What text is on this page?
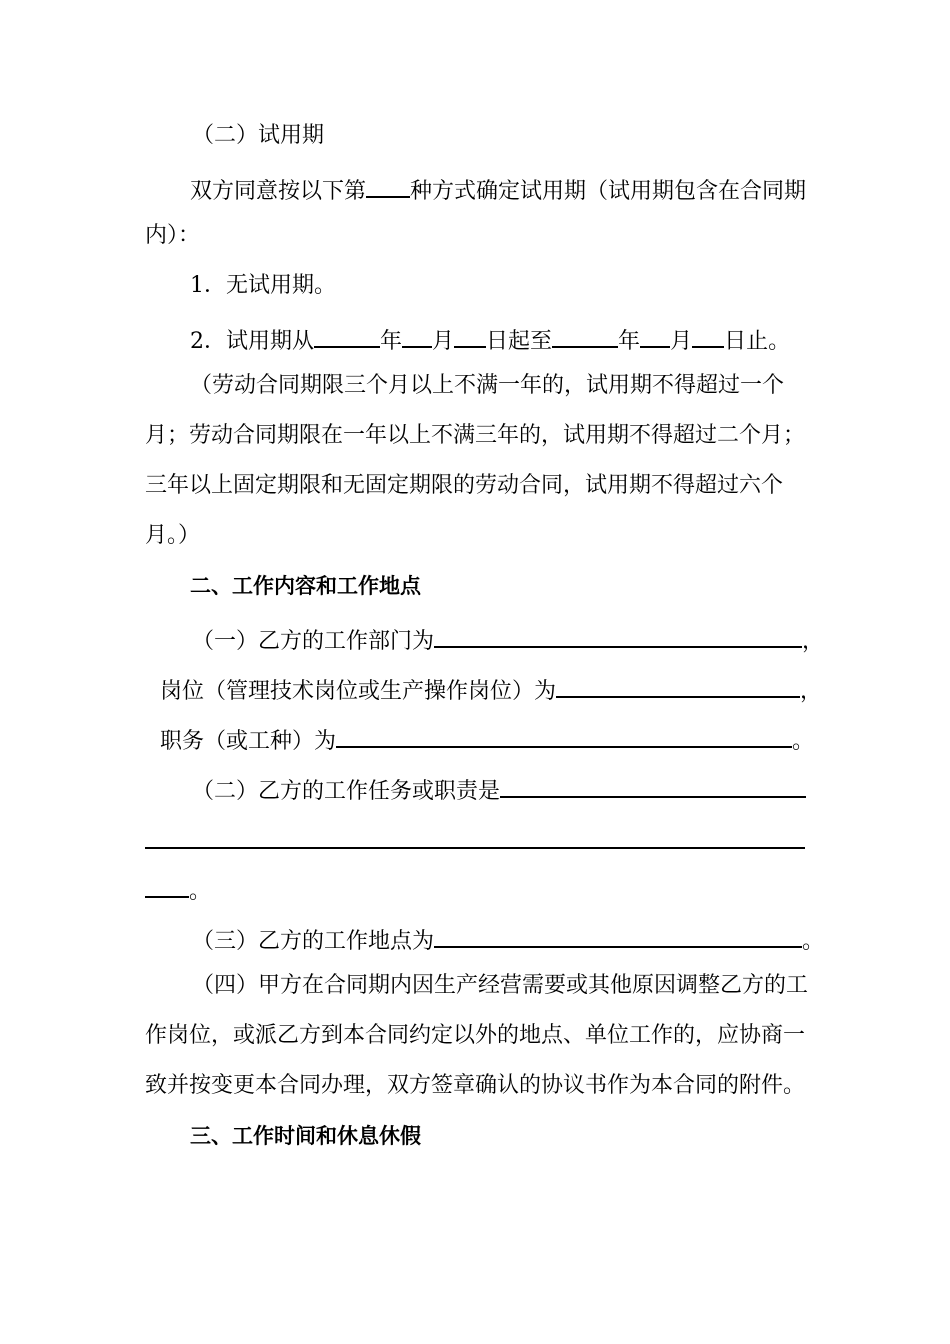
（二）试用期
双方同意按以下第 种方式确定试用期（试用期包含在合同期
内）：
1．无试用期。
2．试用期从	年 月 日起至	年 月 日止。
（劳动合同期限三个月以上不满一年的，试用期不得超过一个
月；劳动合同期限在一年以上不满三年的，试用期不得超过二个月；
三年以上固定期限和无固定期限的劳动合同，试用期不得超过六个
月。）
二、工作内容和工作地点
（一）乙方的工作部门为	，
岗位（管理技术岗位或生产操作岗位）为	，
职务（或工种）为	。
（二）乙方的工作任务或职责是
。
（三）乙方的工作地点为	。
（四）甲方在合同期内因生产经营需要或其他原因调整乙方的工
作岗位，或派乙方到本合同约定以外的地点、单位工作的，应协商一
致并按变更本合同办理，双方签章确认的协议书作为本合同的附件。
三、工作时间和休息休假
